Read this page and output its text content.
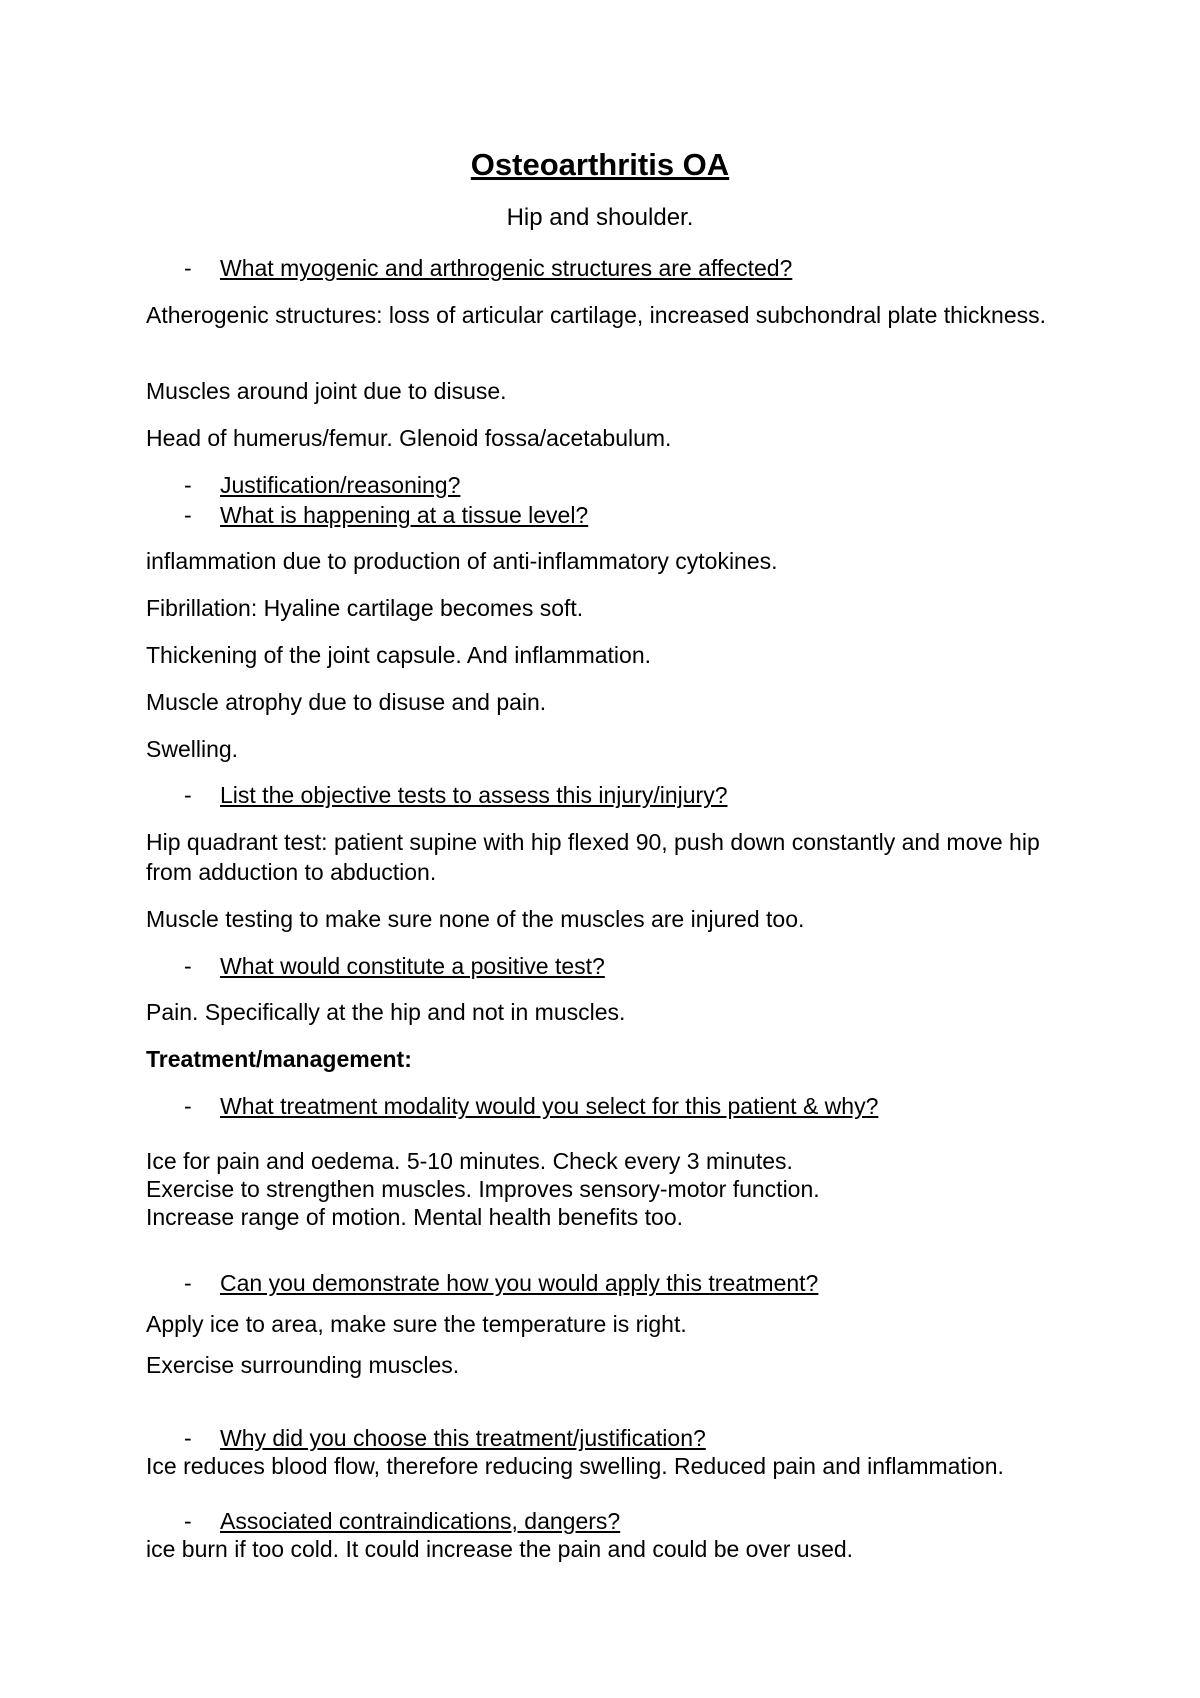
Osteoarthritis OA
Hip and shoulder.
- What myogenic and arthrogenic structures are affected?

Atherogenic structures: loss of articular cartilage, increased subchondral plate thickness.

Muscles around joint due to disuse.

Head of humerus/femur. Glenoid fossa/acetabulum.

- Justification/reasoning?
- What is happening at a tissue level?

inflammation due to production of anti-inflammatory cytokines.

Fibrillation: Hyaline cartilage becomes soft.

Thickening of the joint capsule. And inflammation.

Muscle atrophy due to disuse and pain.

Swelling.

- List the objective tests to assess this injury/injury?

Hip quadrant test: patient supine with hip flexed 90, push down constantly and move hip from adduction to abduction.

Muscle testing to make sure none of the muscles are injured too.

- What would constitute a positive test?

Pain. Specifically at the hip and not in muscles.

Treatment/management:

- What treatment modality would you select for this patient & why?

Ice for pain and oedema. 5-10 minutes. Check every 3 minutes.

Exercise to strengthen muscles. Improves sensory-motor function.

Increase range of motion. Mental health benefits too.

- Can you demonstrate how you would apply this treatment?

Apply ice to area, make sure the temperature is right.

Exercise surrounding muscles.

- Why did you choose this treatment/justification?

Ice reduces blood flow, therefore reducing swelling. Reduced pain and inflammation.

- Associated contraindications, dangers?

ice burn if too cold. It could increase the pain and could be over used.
